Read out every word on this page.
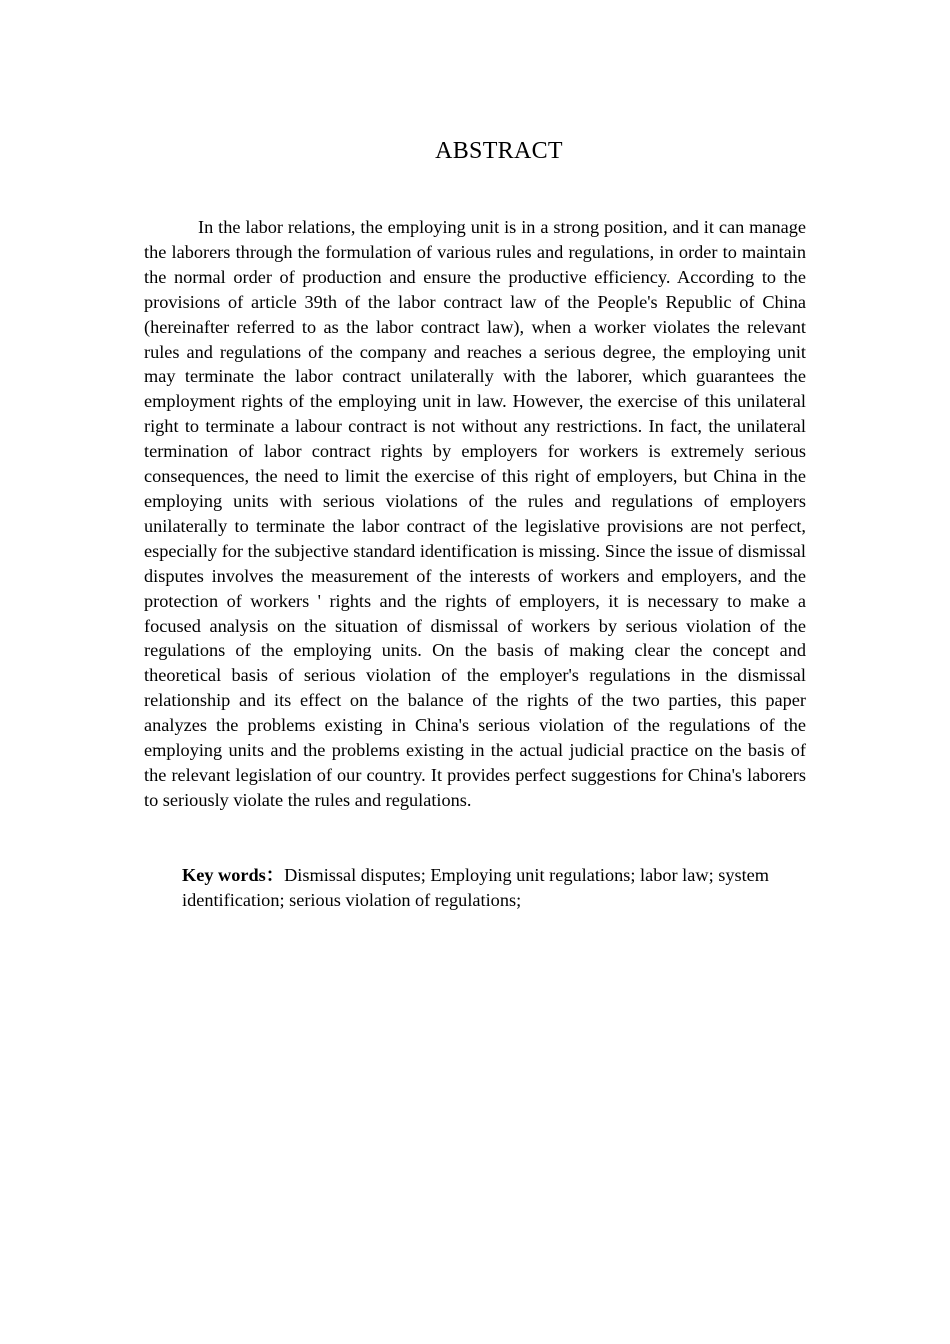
ABSTRACT

In the labor relations, the employing unit is in a strong position, and it can manage the laborers through the formulation of various rules and regulations, in order to maintain the normal order of production and ensure the productive efficiency. According to the provisions of article 39th of the labor contract law of the People's Republic of China (hereinafter referred to as the labor contract law), when a worker violates the relevant rules and regulations of the company and reaches a serious degree, the employing unit may terminate the labor contract unilaterally with the laborer, which guarantees the employment rights of the employing unit in law. However, the exercise of this unilateral right to terminate a labour contract is not without any restrictions. In fact, the unilateral termination of labor contract rights by employers for workers is extremely serious consequences, the need to limit the exercise of this right of employers, but China in the employing units with serious violations of the rules and regulations of employers unilaterally to terminate the labor contract of the legislative provisions are not perfect, especially for the subjective standard identification is missing. Since the issue of dismissal disputes involves the measurement of the interests of workers and employers, and the protection of workers ' rights and the rights of employers, it is necessary to make a focused analysis on the situation of dismissal of workers by serious violation of the regulations of the employing units. On the basis of making clear the concept and theoretical basis of serious violation of the employer's regulations in the dismissal relationship and its effect on the balance of the rights of the two parties, this paper analyzes the problems existing in China's serious violation of the regulations of the employing units and the problems existing in the actual judicial practice on the basis of the relevant legislation of our country. It provides perfect suggestions for China's laborers to seriously violate the rules and regulations.

Key words：Dismissal disputes; Employing unit regulations; labor law; system identification; serious violation of regulations;
